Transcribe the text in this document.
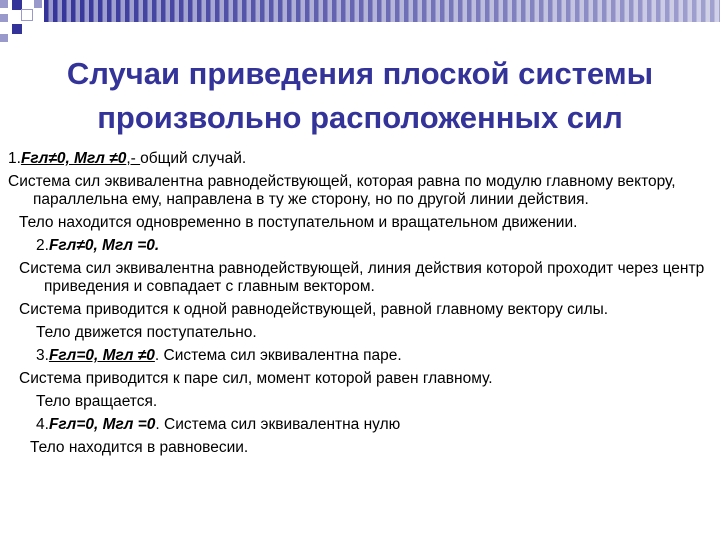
Случаи приведения плоской системы произвольно расположенных сил

1.Fгл≠0, Мгл ≠0,- общий случай.

Система сил эквивалентна равнодействующей, которая равна по модулю главному вектору, параллельна ему, направлена в ту же сторону, но по другой линии действия.

Тело находится одновременно в поступательном и вращательном движении.

2.Fгл≠0, Мгл =0.

Система сил эквивалентна равнодействующей, линия действия которой проходит через центр приведения и совпадает с главным вектором.

Система приводится к одной равнодействующей, равной главному вектору силы.

Тело движется поступательно.

3.Fгл=0, Мгл ≠0. Система сил эквивалентна паре.

Система приводится к паре сил, момент которой равен главному.

Тело вращается.

4.Fгл=0, Мгл =0. Система сил эквивалентна нулю

Тело находится в равновесии.
